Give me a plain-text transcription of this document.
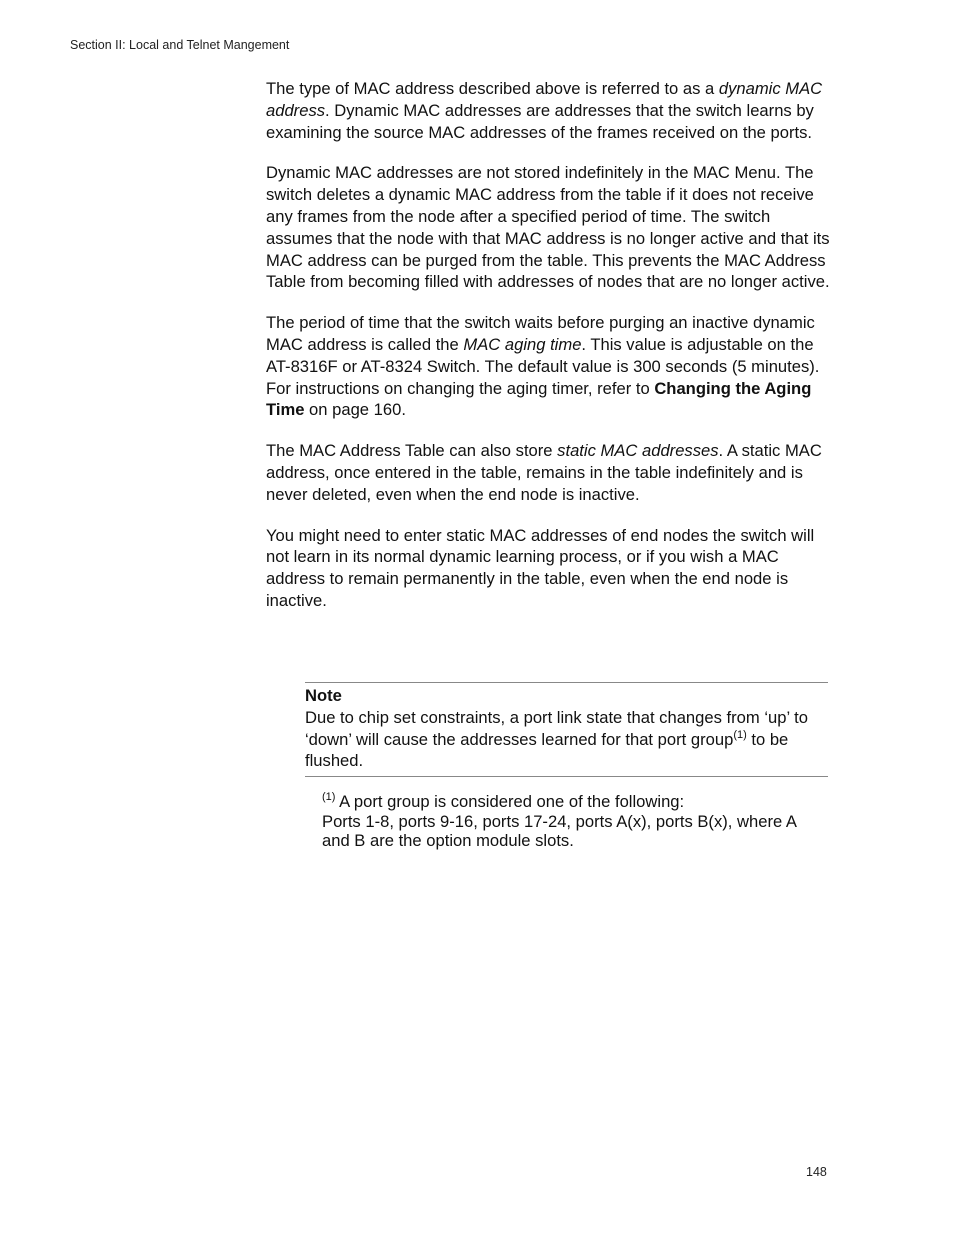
Section II: Local and Telnet Mangement

The type of MAC address described above is referred to as a dynamic MAC address. Dynamic MAC addresses are addresses that the switch learns by examining the source MAC addresses of the frames received on the ports.

Dynamic MAC addresses are not stored indefinitely in the MAC Menu. The switch deletes a dynamic MAC address from the table if it does not receive any frames from the node after a specified period of time. The switch assumes that the node with that MAC address is no longer active and that its MAC address can be purged from the table. This prevents the MAC Address Table from becoming filled with addresses of nodes that are no longer active.

The period of time that the switch waits before purging an inactive dynamic MAC address is called the MAC aging time. This value is adjustable on the AT-8316F or AT-8324 Switch. The default value is 300 seconds (5 minutes). For instructions on changing the aging timer, refer to Changing the Aging Time on page 160.

The MAC Address Table can also store static MAC addresses. A static MAC address, once entered in the table, remains in the table indefinitely and is never deleted, even when the end node is inactive.

You might need to enter static MAC addresses of end nodes the switch will not learn in its normal dynamic learning process, or if you wish a MAC address to remain permanently in the table, even when the end node is inactive.

Note
Due to chip set constraints, a port link state that changes from ‘up’ to ‘down’ will cause the addresses learned for that port group$^{(1)}$ to be flushed.
$^{(1)}$ A port group is considered one of the following:
Ports 1-8, ports 9-16, ports 17-24, ports A(x), ports B(x), where A and B are the option module slots.
148
